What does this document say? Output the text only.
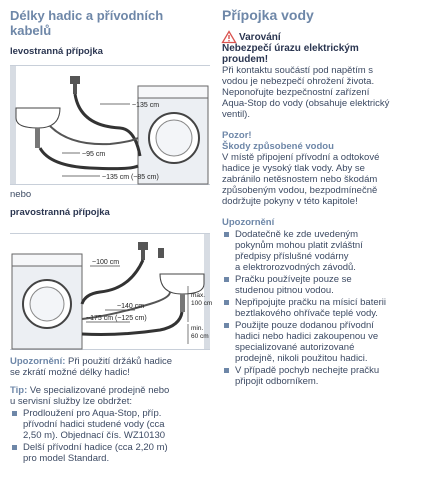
Délky hadic a přívodních
kabelů

levostranná přípojka

~135 cm
~95 cm
~135 cm (~85 cm)
nebo

pravostranná přípojka

~100 cm
~140 cm
~175 cm (~125 cm)
max.
100 cm
min.
60 cm
Upozornění: Při použití držáků hadice
se zkrátí možné délky hadic!
Tip: Ve specializované prodejně nebo
u servisní služby lze obdržet:
Prodloužení pro Aqua-Stop, příp.
přívodní hadici studené vody (cca
2,50 m). Objednací čís. WZ10130
Delší přívodní hadice (cca 2,20 m)
pro model Standard.

Přípojka vody

Varování
Nebezpečí úrazu elektrickým
proudem!
Při kontaktu součástí pod napětím s
vodou je nebezpečí ohrožení života.
Neponořujte bezpečnostní zařízení
Aqua-Stop do vody (obsahuje elektrický
ventil).
Pozor!
Škody způsobené vodou
V místě připojení přívodní a odtokové
hadice je vysoký tlak vody. Aby se
zabránilo netěsnostem nebo škodám
způsobeným vodou, bezpodmínečně
dodržujte pokyny v této kapitole!
Upozornění
Dodatečně ke zde uvedeným
pokynům mohou platit zvláštní
předpisy příslušné vodárny
a elektrorozvodných závodů.
Pračku používejte pouze se
studenou pitnou vodou.
Nepřipojujte pračku na mísicí baterii
beztlakového ohřívače teplé vody.
Použijte pouze dodanou přívodní
hadici nebo hadici zakoupenou ve
specializované autorizované
prodejně, nikoli použitou hadici.
V případě pochyb nechejte pračku
připojit odborníkem.
